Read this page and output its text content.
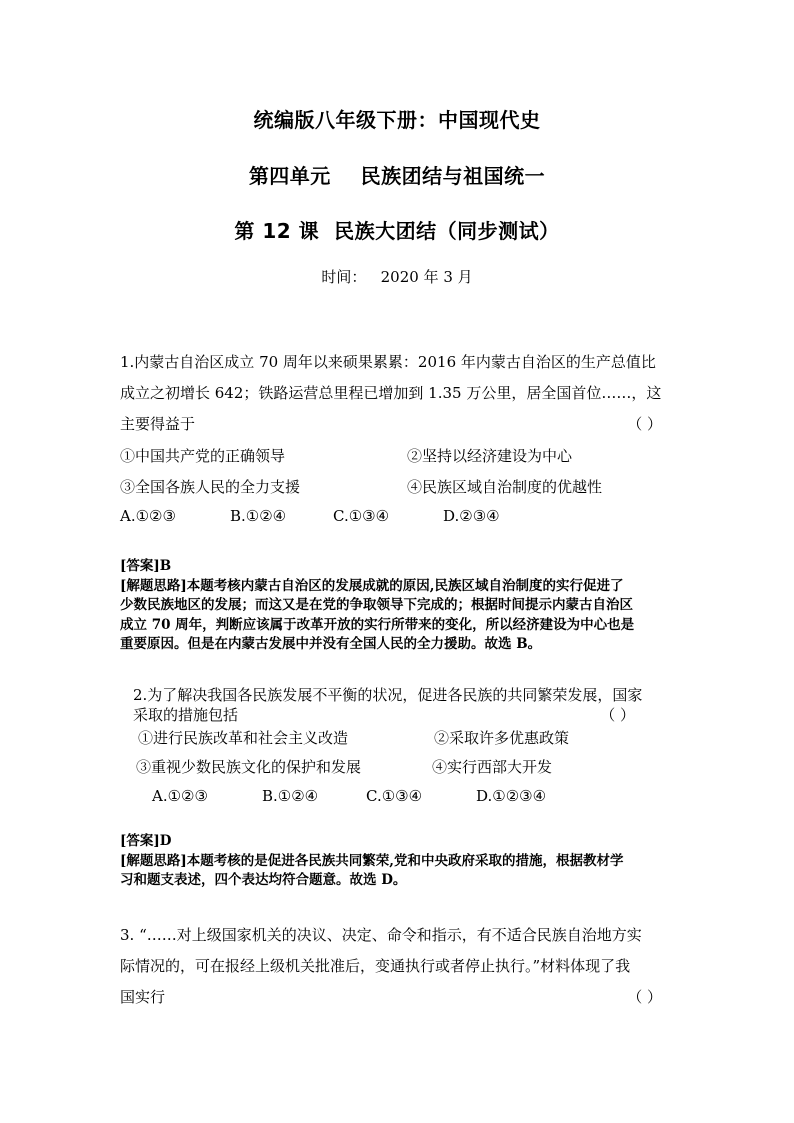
统编版八年级下册：中国现代史
第四单元    民族团结与祖国统一
第 12 课  民族大团结（同步测试）
时间：   2020 年 3 月
1.内蒙古自治区成立 70 周年以来硕果累累：2016 年内蒙古自治区的生产总值比
成立之初增长 642；铁路运营总里程已增加到 1.35 万公里，居全国首位……，这
主要得益于	（ ）
①中国共产党的正确领导	②坚持以经济建设为中心
③全国各族人民的全力支援	④民族区域自治制度的优越性
A.①②③	B.①②④	C.①③④	D.②③④
[答案]B
[解题思路]本题考核内蒙古自治区的发展成就的原因,民族区域自治制度的实行促进了
少数民族地区的发展；而这又是在党的争取领导下完成的；根据时间提示内蒙古自治区
成立 70 周年，判断应该属于改革开放的实行所带来的变化，所以经济建设为中心也是
重要原因。但是在内蒙古发展中并没有全国人民的全力援助。故选 B。
2.为了解决我国各民族发展不平衡的状况，促进各民族的共同繁荣发展，国家
采取的措施包括	（ ）
①进行民族改革和社会主义改造	②采取许多优惠政策
③重视少数民族文化的保护和发展	④实行西部大开发
A.①②③	B.①②④	C.①③④	D.①②③④
[答案]D
[解题思路]本题考核的是促进各民族共同繁荣,党和中央政府采取的措施，根据教材学
习和题支表述，四个表达均符合题意。故选 D。
3. “……对上级国家机关的决议、决定、命令和指示，有不适合民族自治地方实
际情况的，可在报经上级机关批准后，变通执行或者停止执行。”材料体现了我
国实行	（ ）
